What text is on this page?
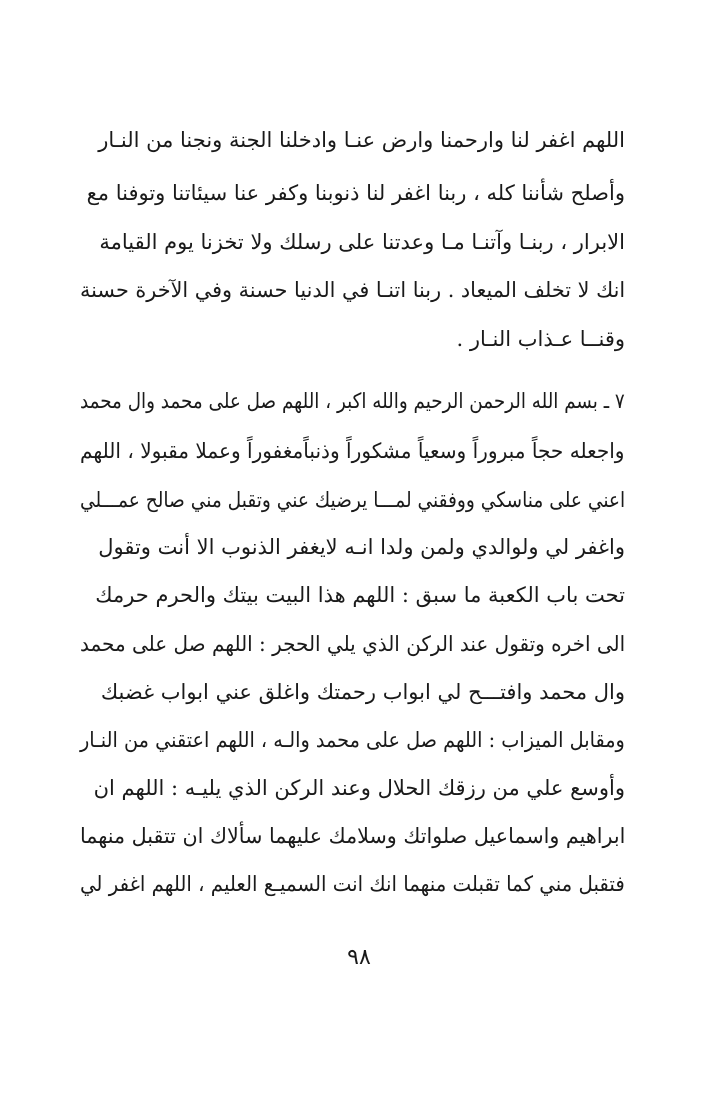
اللهم اغفر لنا وارحمنا وارض عنـا وادخلنا الجنة ونجنا من النـار
وأصلح شأننا كله ، ربنا اغفر لنا ذنوبنا وكفر عنا سيئاتنا وتوفنا مع
الابرار ، ربنـا وآتنـا مـا وعدتنا على رسلك ولا تخزنا يوم القيامة
انك لا تخلف الميعاد . ربنا اتنـا في الدنيا حسنة وفي الآخرة حسنة
وقنــا عـذاب النـار .
٧ ـ بسم الله الرحمن الرحيم والله اكبر ، اللهم صل على محمد وال محمد
واجعله حجاً مبروراً وسعياً مشكوراً وذنباًمغفوراً وعملا مقبولا ، اللهم
اعني على مناسكي ووفقني لمـــا يرضيك عني وتقبل مني صالح عمـــلي
واغفر لي ولوالدي ولمن ولدا انـه لايغفر الذنوب الا أنت وتقول
تحت باب الكعبة ما سبق : اللهم هذا البيت بيتك والحرم حرمك
الى اخره وتقول عند الركن الذي يلي الحجر : اللهم صل على محمد
وال محمد وافتـــح لي ابواب رحمتك واغلق عني ابواب غضبك
ومقابل الميزاب : اللهم صل على محمد والـه ، اللهم اعتقني من النـار
وأوسع علي من رزقك الحلال وعند الركن الذي يليـه : اللهم ان
ابراهيم واسماعيل صلواتك وسلامك عليهما سألاك ان تتقبل منهما
فتقبل مني كما تقبلت منهما انك انت السميـع العليم ، اللهم اغفر لي
٩٨
